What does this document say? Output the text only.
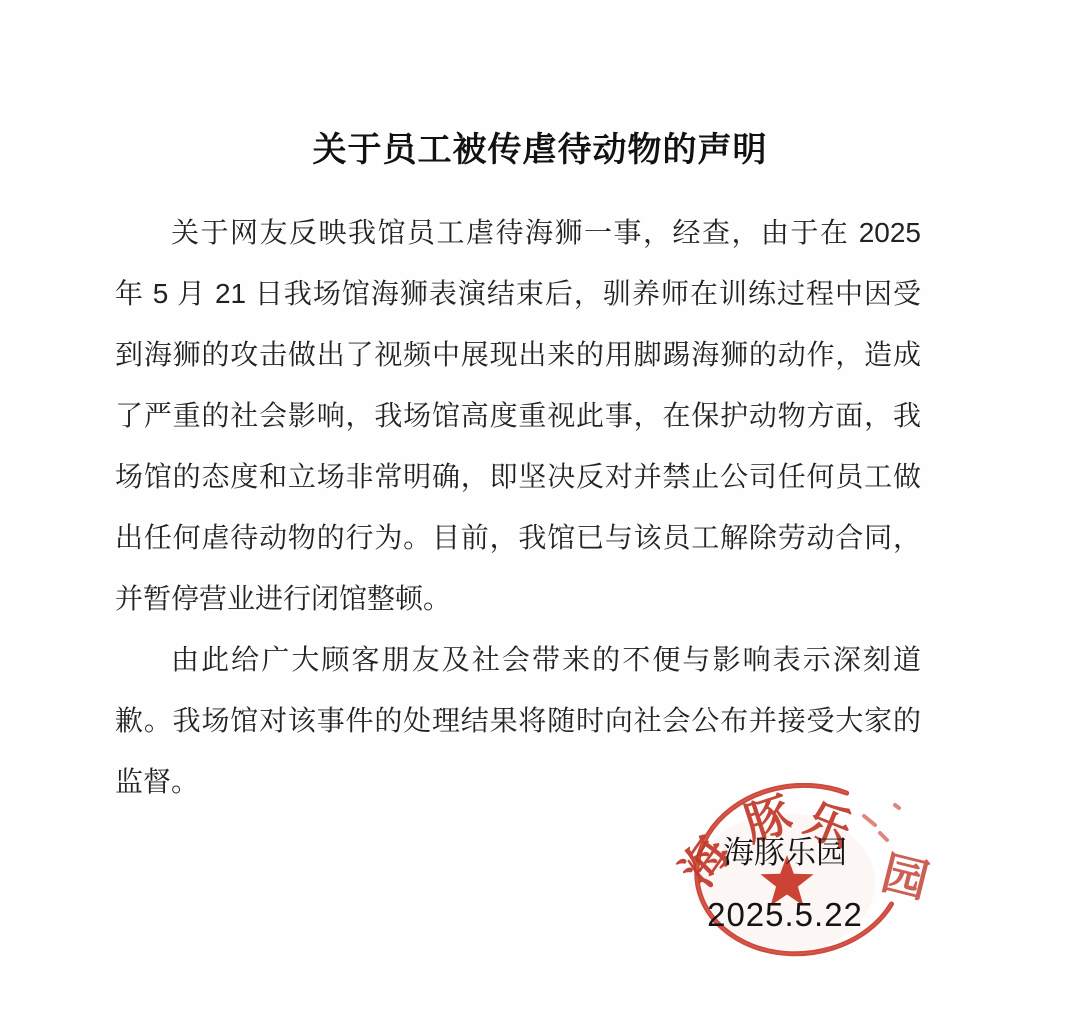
关于员工被传虐待动物的声明
关于网友反映我馆员工虐待海狮一事，经查，由于在 2025
年 5 月 21 日我场馆海狮表演结束后，驯养师在训练过程中因受
到海狮的攻击做出了视频中展现出来的用脚踢海狮的动作，造成
了严重的社会影响，我场馆高度重视此事，在保护动物方面，我
场馆的态度和立场非常明确，即坚决反对并禁止公司任何员工做
出任何虐待动物的行为。目前，我馆已与该员工解除劳动合同，
并暂停营业进行闭馆整顿。
由此给广大顾客朋友及社会带来的不便与影响表示深刻道
歉。我场馆对该事件的处理结果将随时向社会公布并接受大家的
监督。
海
豚 乐
园
海豚乐园
2025.5.22
